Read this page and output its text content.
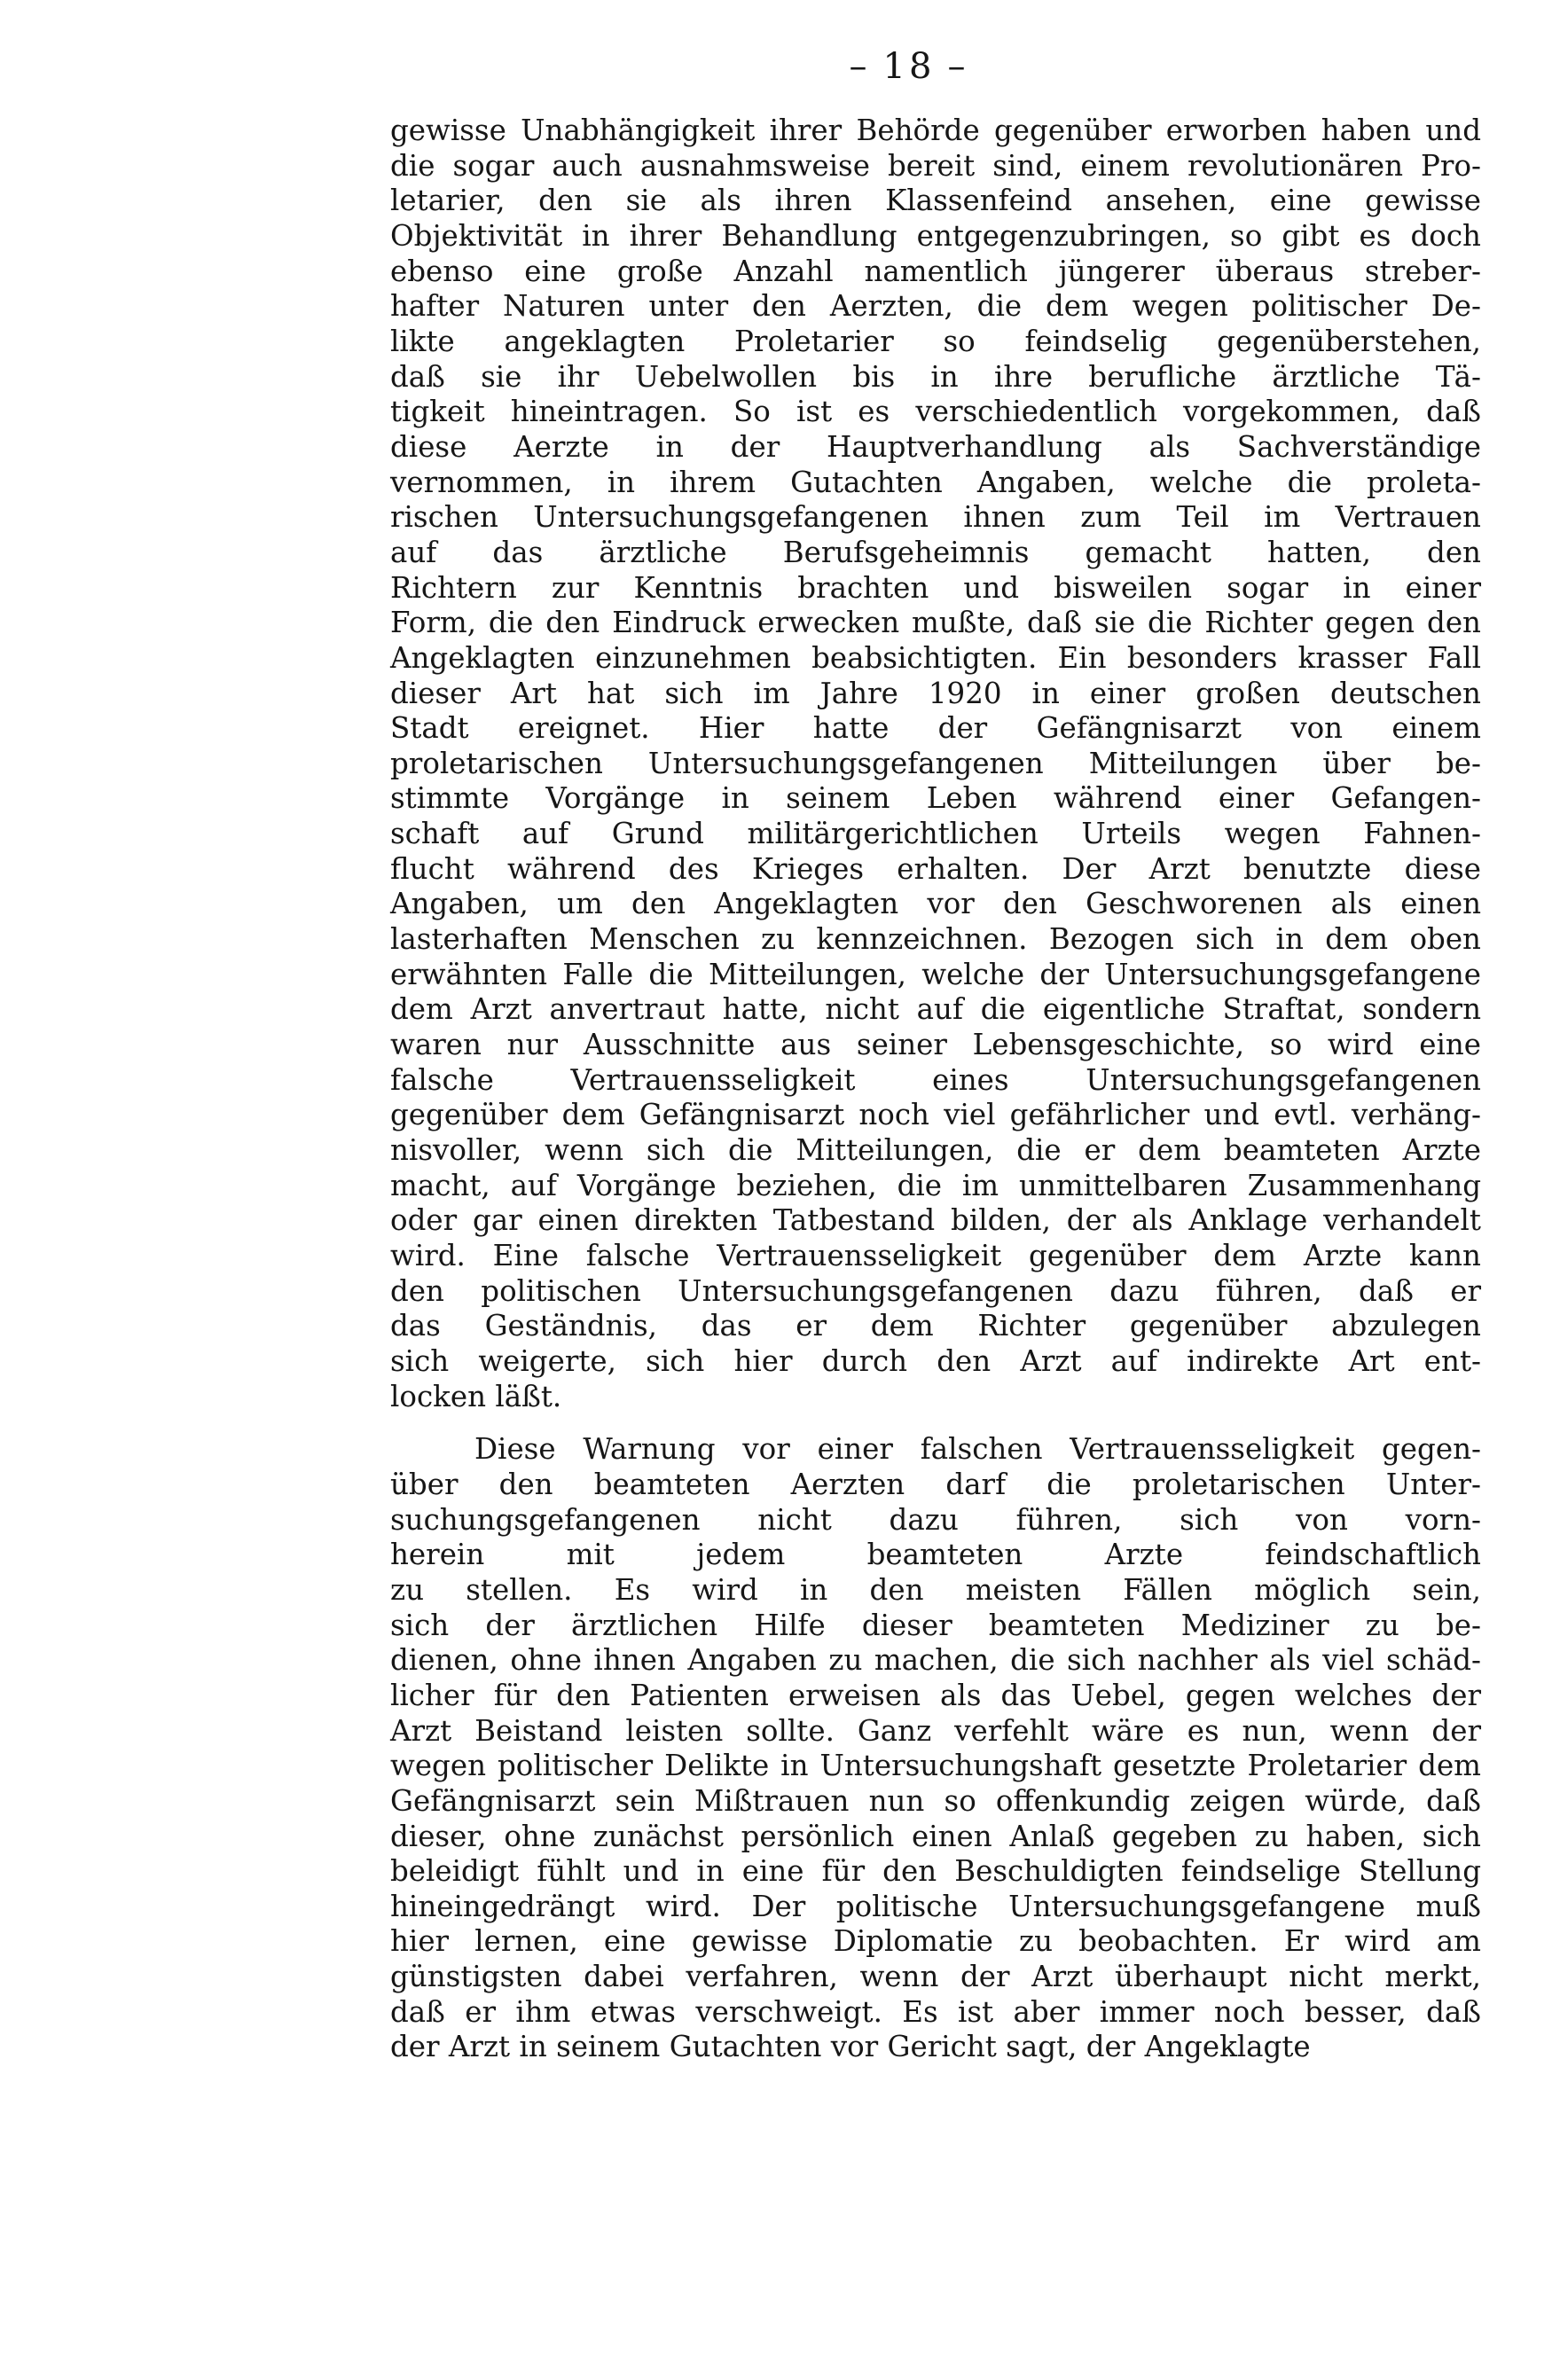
– 18 –
gewisse Unabhängigkeit ihrer Behörde gegenüber erworben haben und
die sogar auch ausnahmsweise bereit sind, einem revolutionären Pro-
letarier, den sie als ihren Klassenfeind ansehen, eine gewisse
Objektivität in ihrer Behandlung entgegenzubringen, so gibt es doch
ebenso eine große Anzahl namentlich jüngerer überaus streber-
hafter Naturen unter den Aerzten, die dem wegen politischer De-
likte angeklagten Proletarier so feindselig gegenüberstehen,
daß sie ihr Uebelwollen bis in ihre berufliche ärztliche Tä-
tigkeit hineintragen. So ist es verschiedentlich vorgekommen, daß
diese Aerzte in der Hauptverhandlung als Sachverständige
vernommen, in ihrem Gutachten Angaben, welche die proleta-
rischen Untersuchungsgefangenen ihnen zum Teil im Vertrauen
auf das ärztliche Berufsgeheimnis gemacht hatten, den
Richtern zur Kenntnis brachten und bisweilen sogar in einer
Form, die den Eindruck erwecken mußte, daß sie die Richter gegen den
Angeklagten einzunehmen beabsichtigten. Ein besonders krasser Fall
dieser Art hat sich im Jahre 1920 in einer großen deutschen
Stadt ereignet. Hier hatte der Gefängnisarzt von einem
proletarischen Untersuchungsgefangenen Mitteilungen über be-
stimmte Vorgänge in seinem Leben während einer Gefangen-
schaft auf Grund militärgerichtlichen Urteils wegen Fahnen-
flucht während des Krieges erhalten. Der Arzt benutzte diese
Angaben, um den Angeklagten vor den Geschworenen als einen
lasterhaften Menschen zu kennzeichnen. Bezogen sich in dem oben
erwähnten Falle die Mitteilungen, welche der Untersuchungsgefangene
dem Arzt anvertraut hatte, nicht auf die eigentliche Straftat, sondern
waren nur Ausschnitte aus seiner Lebensgeschichte, so wird eine
falsche Vertrauensseligkeit eines Untersuchungsgefangenen
gegenüber dem Gefängnisarzt noch viel gefährlicher und evtl. verhäng-
nisvoller, wenn sich die Mitteilungen, die er dem beamteten Arzte
macht, auf Vorgänge beziehen, die im unmittelbaren Zusammenhang
oder gar einen direkten Tatbestand bilden, der als Anklage verhandelt
wird. Eine falsche Vertrauensseligkeit gegenüber dem Arzte kann
den politischen Untersuchungsgefangenen dazu führen, daß er
das Geständnis, das er dem Richter gegenüber abzulegen
sich weigerte, sich hier durch den Arzt auf indirekte Art ent-
locken läßt.
Diese Warnung vor einer falschen Vertrauensseligkeit gegen-
über den beamteten Aerzten darf die proletarischen Unter-
suchungsgefangenen nicht dazu führen, sich von vorn-
herein mit jedem beamteten Arzte feindschaftlich
zu stellen. Es wird in den meisten Fällen möglich sein,
sich der ärztlichen Hilfe dieser beamteten Mediziner zu be-
dienen, ohne ihnen Angaben zu machen, die sich nachher als viel schäd-
licher für den Patienten erweisen als das Uebel, gegen welches der
Arzt Beistand leisten sollte. Ganz verfehlt wäre es nun, wenn der
wegen politischer Delikte in Untersuchungshaft gesetzte Proletarier dem
Gefängnisarzt sein Mißtrauen nun so offenkundig zeigen würde, daß
dieser, ohne zunächst persönlich einen Anlaß gegeben zu haben, sich
beleidigt fühlt und in eine für den Beschuldigten feindselige Stellung
hineingedrängt wird. Der politische Untersuchungsgefangene muß
hier lernen, eine gewisse Diplomatie zu beobachten. Er wird am
günstigsten dabei verfahren, wenn der Arzt überhaupt nicht merkt,
daß er ihm etwas verschweigt. Es ist aber immer noch besser, daß
der Arzt in seinem Gutachten vor Gericht sagt, der Angeklagte
